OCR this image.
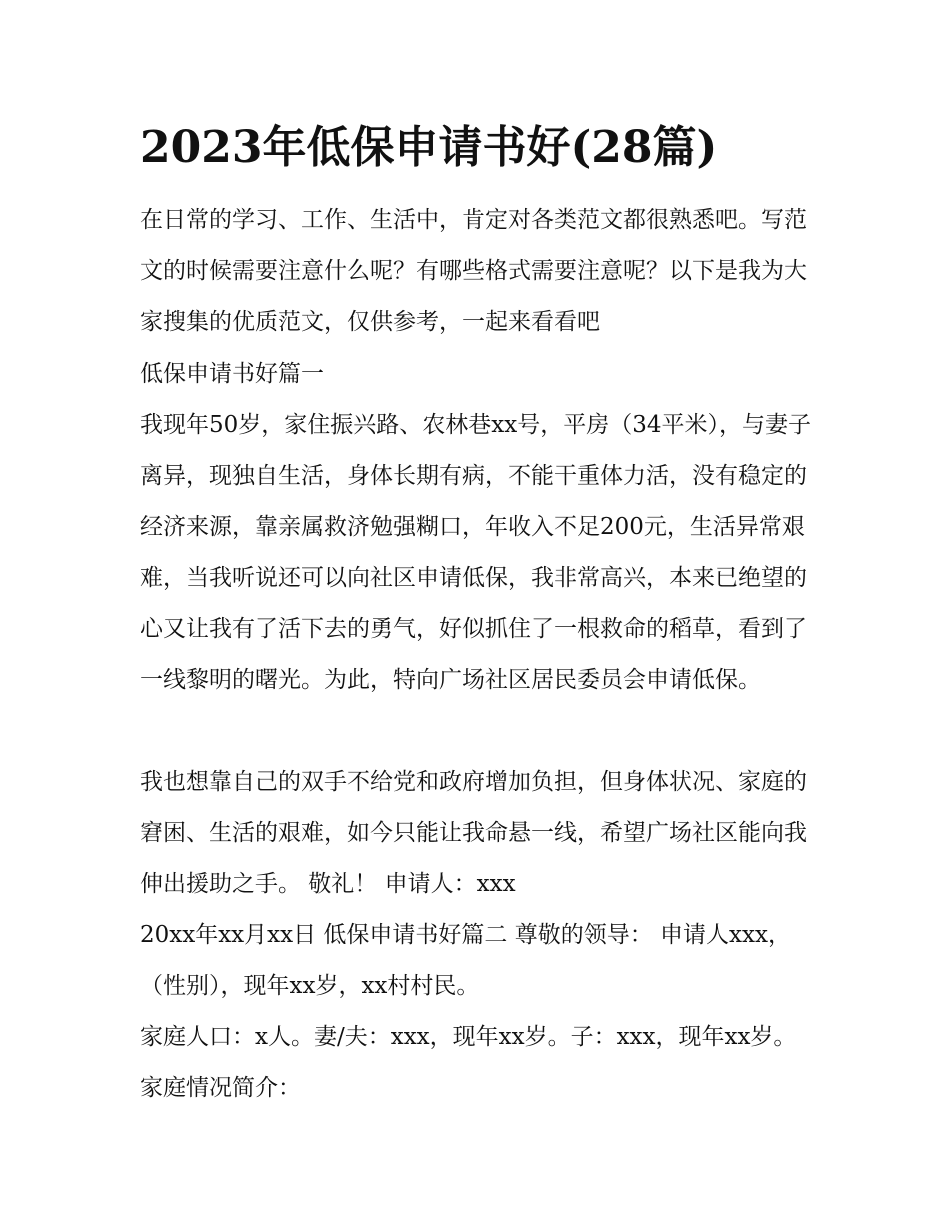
2023年低保申请书好(28篇)

在日常的学习、工作、生活中，肯定对各类范文都很熟悉吧。写范文的时候需要注意什么呢？有哪些格式需要注意呢？以下是我为大家搜集的优质范文，仅供参考，一起来看看吧

低保申请书好篇一

我现年50岁，家住振兴路、农林巷xx号，平房（34平米），与妻子离异，现独自生活，身体长期有病，不能干重体力活，没有稳定的经济来源，靠亲属救济勉强糊口，年收入不足200元，生活异常艰难，当我听说还可以向社区申请低保，我非常高兴，本来已绝望的心又让我有了活下去的勇气，好似抓住了一根救命的稻草，看到了一线黎明的曙光。为此，特向广场社区居民委员会申请低保。

我也想靠自己的双手不给党和政府增加负担，但身体状况、家庭的窘困、生活的艰难，如今只能让我命悬一线，希望广场社区能向我伸出援助之手。 敬礼！ 申请人：xxx

20xx年xx月xx日 低保申请书好篇二 尊敬的领导： 申请人xxx，（性别），现年xx岁，xx村村民。

家庭人口：x人。妻/夫：xxx，现年xx岁。子：xxx，现年xx岁。 家庭情况简介：
